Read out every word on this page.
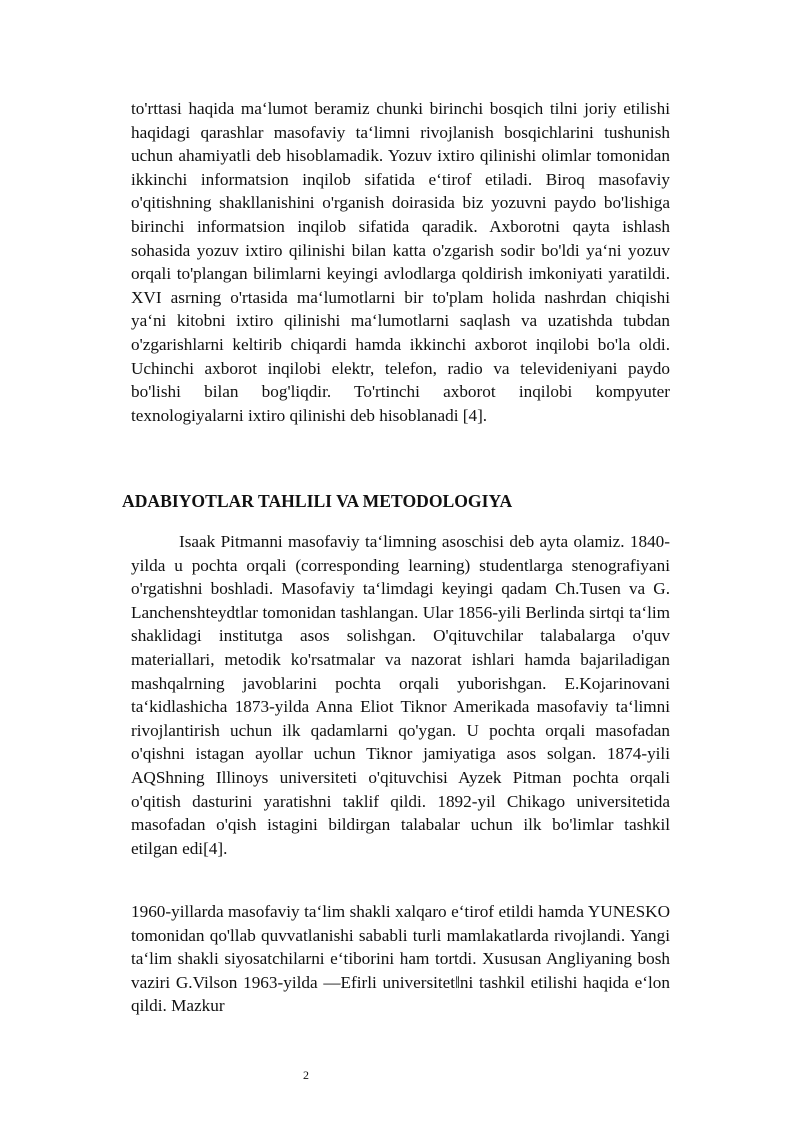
to'rttasi haqida ma‘lumot beramiz chunki birinchi bosqich tilni joriy etilishi haqidagi qarashlar masofaviy ta‘limni rivojlanish bosqichlarini tushunish uchun ahamiyatli deb hisoblamadik. Yozuv ixtiro qilinishi olimlar tomonidan ikkinchi informatsion inqilob sifatida e‘tirof etiladi. Biroq masofaviy o'qitishning shakllanishini o'rganish doirasida biz yozuvni paydo bo'lishiga birinchi informatsion inqilob sifatida qaradik. Axborotni qayta ishlash sohasida yozuv ixtiro qilinishi bilan katta o'zgarish sodir bo'ldi ya‘ni yozuv orqali to'plangan bilimlarni keyingi avlodlarga qoldirish imkoniyati yaratildi. XVI asrning o'rtasida ma‘lumotlarni bir to'plam holida nashrdan chiqishi ya‘ni kitobni ixtiro qilinishi ma‘lumotlarni saqlash va uzatishda tubdan o'zgarishlarni keltirib chiqardi hamda ikkinchi axborot inqilobi bo'la oldi. Uchinchi axborot inqilobi elektr, telefon, radio va televideniyani paydo bo'lishi bilan bog'liqdir. To'rtinchi axborot inqilobi kompyuter texnologiyalarni ixtiro qilinishi deb hisoblanadi [4].

ADABIYOTLAR TAHLILI VA METODOLOGIYA

Isaak Pitmanni masofaviy ta‘limning asoschisi deb ayta olamiz. 1840-yilda u pochta orqali (corresponding learning) studentlarga stenografiyani o'rgatishni boshladi. Masofaviy ta‘limdagi keyingi qadam Ch.Tusen va G. Lanchenshteydtlar tomonidan tashlangan. Ular 1856-yili Berlinda sirtqi ta‘lim shaklidagi institutga asos solishgan. O'qituvchilar talabalarga o'quv materiallari, metodik ko'rsatmalar va nazorat ishlari hamda bajariladigan mashqalrning javoblarini pochta orqali yuborishgan. E.Kojarinovani ta‘kidlashicha 1873-yilda Anna Eliot Tiknor Amerikada masofaviy ta‘limni rivojlantirish uchun ilk qadamlarni qo'ygan. U pochta orqali masofadan o'qishni istagan ayollar uchun Tiknor jamiyatiga asos solgan. 1874-yili AQShning Illinoys universiteti o'qituvchisi Ayzek Pitman pochta orqali o'qitish dasturini yaratishni taklif qildi. 1892-yil Chikago universitetida masofadan o'qish istagini bildirgan talabalar uchun ilk bo'limlar tashkil etilgan edi[4].

1960-yillarda masofaviy ta‘lim shakli xalqaro e‘tirof etildi hamda YUNESKO tomonidan qo'llab quvvatlanishi sababli turli mamlakatlarda rivojlandi. Yangi ta‘lim shakli siyosatchilarni e‘tiborini ham tortdi. Xususan Angliyaning bosh vaziri G.Vilson 1963-yilda ―Efirli universitetǁni tashkil etilishi haqida e‘lon qildi. Mazkur

2
